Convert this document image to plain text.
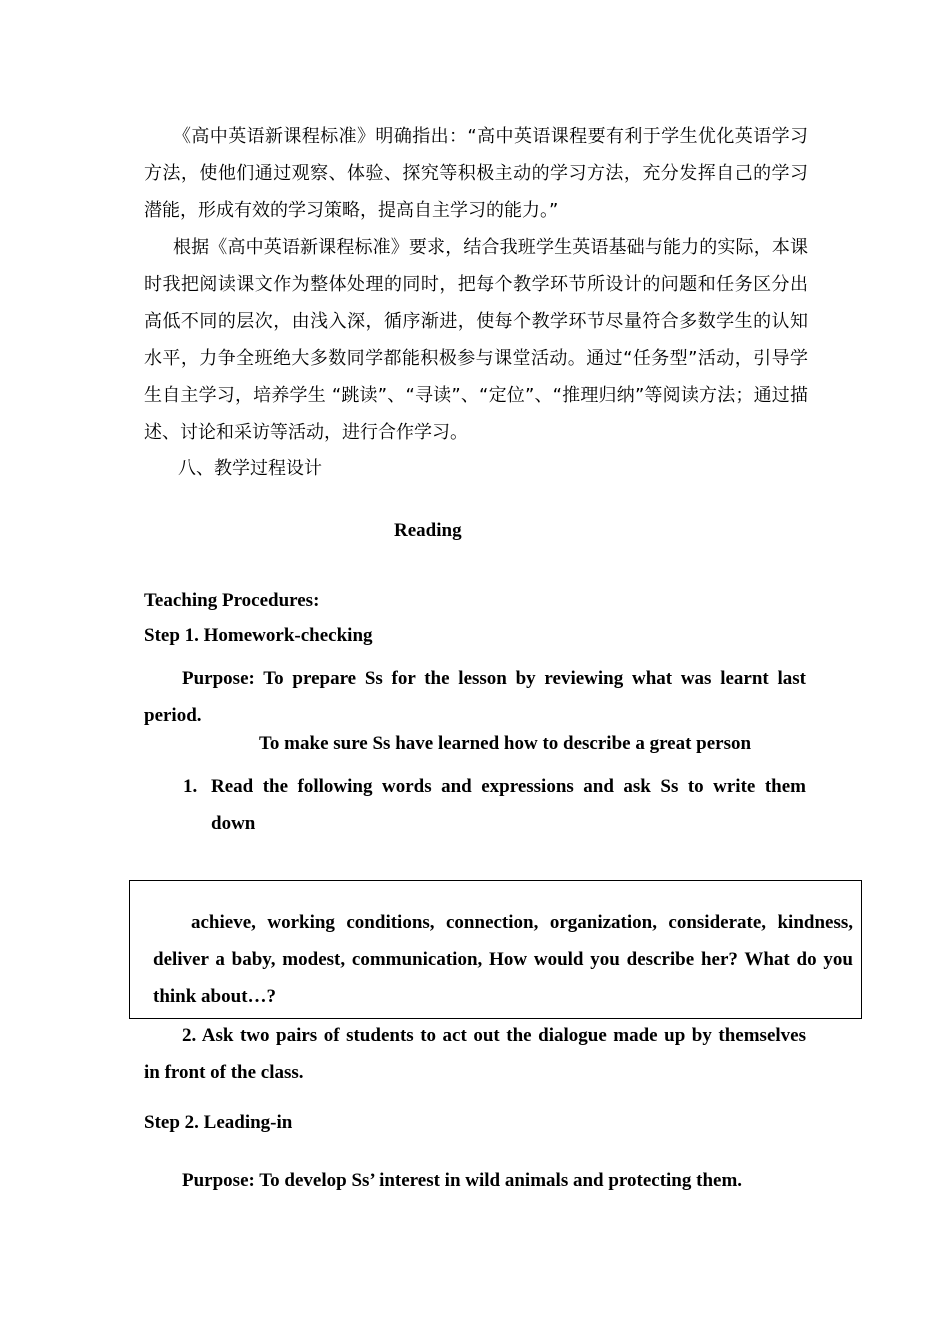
《高中英语新课程标准》明确指出：“高中英语课程要有利于学生优化英语学习方法，使他们通过观察、体验、探究等积极主动的学习方法，充分发挥自己的学习潜能，形成有效的学习策略，提高自主学习的能力。”

根据《高中英语新课程标准》要求，结合我班学生英语基础与能力的实际，本课时我把阅读课文作为整体处理的同时，把每个教学环节所设计的问题和任务区分出高低不同的层次，由浅入深，循序渐进，使每个教学环节尽量符合多数学生的认知水平，力争全班绝大多数同学都能积极参与课堂活动。通过“任务型”活动，引导学生自主学习，培养学生 “跳读”、“寻读”、“定位”、“推理归纳”等阅读方法；通过描述、讨论和采访等活动，进行合作学习。

八、教学过程设计
Reading
Teaching Procedures:
Step 1. Homework-checking
Purpose: To prepare Ss for the lesson by reviewing what was learnt last
period.
To make sure Ss have learned how to describe a great person
1. Read the following words and expressions and ask Ss to write them
down
achieve, working conditions, connection, organization, considerate, kindness,
deliver a baby, modest, communication, How would you describe her? What do you
think about…?
2. Ask two pairs of students to act out the dialogue made up by themselves
in front of the class.
Step 2. Leading-in
Purpose: To develop Ss’ interest in wild animals and protecting them.
